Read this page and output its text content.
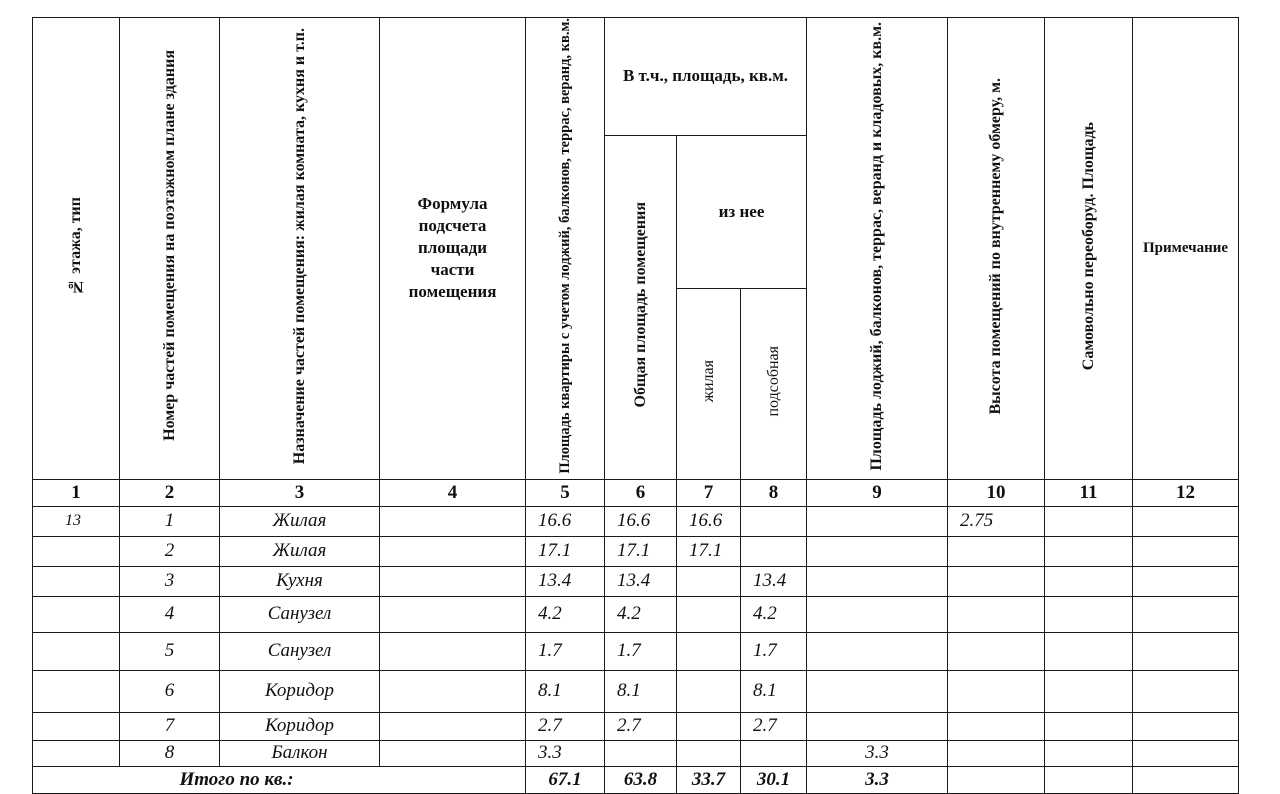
№ этажа, тип	Номер частей помещения на поэтажном плане здания	Назначение частей помещения: жилая комната, кухня и т.п.	Формула подсчета площади части помещения	Площадь квартиры с учетом лоджий, балконов, террас, веранд, кв.м.	В т.ч., площадь, кв.м.			Площадь лоджий, балконов, террас, веранд и кладовых, кв.м.	Высота помещений по внутреннему обмеру, м.	Самовольно переоборуд. Площадь	Примечание
					Общая площадь помещения	из нее					
						жилая	подсобная				
1	2	3	4	5	6	7	8	9	10	11	12
13	1	Жилая		16.6	16.6	16.6			2.75		
	2	Жилая		17.1	17.1	17.1					
	3	Кухня		13.4	13.4		13.4				
	4	Санузел		4.2	4.2		4.2				
	5	Санузел		1.7	1.7		1.7				
	6	Коридор		8.1	8.1		8.1				
	7	Коридор		2.7	2.7		2.7				
	8	Балкон		3.3				3.3			
	Итого по кв.:			67.1	63.8	33.7	30.1	3.3			
